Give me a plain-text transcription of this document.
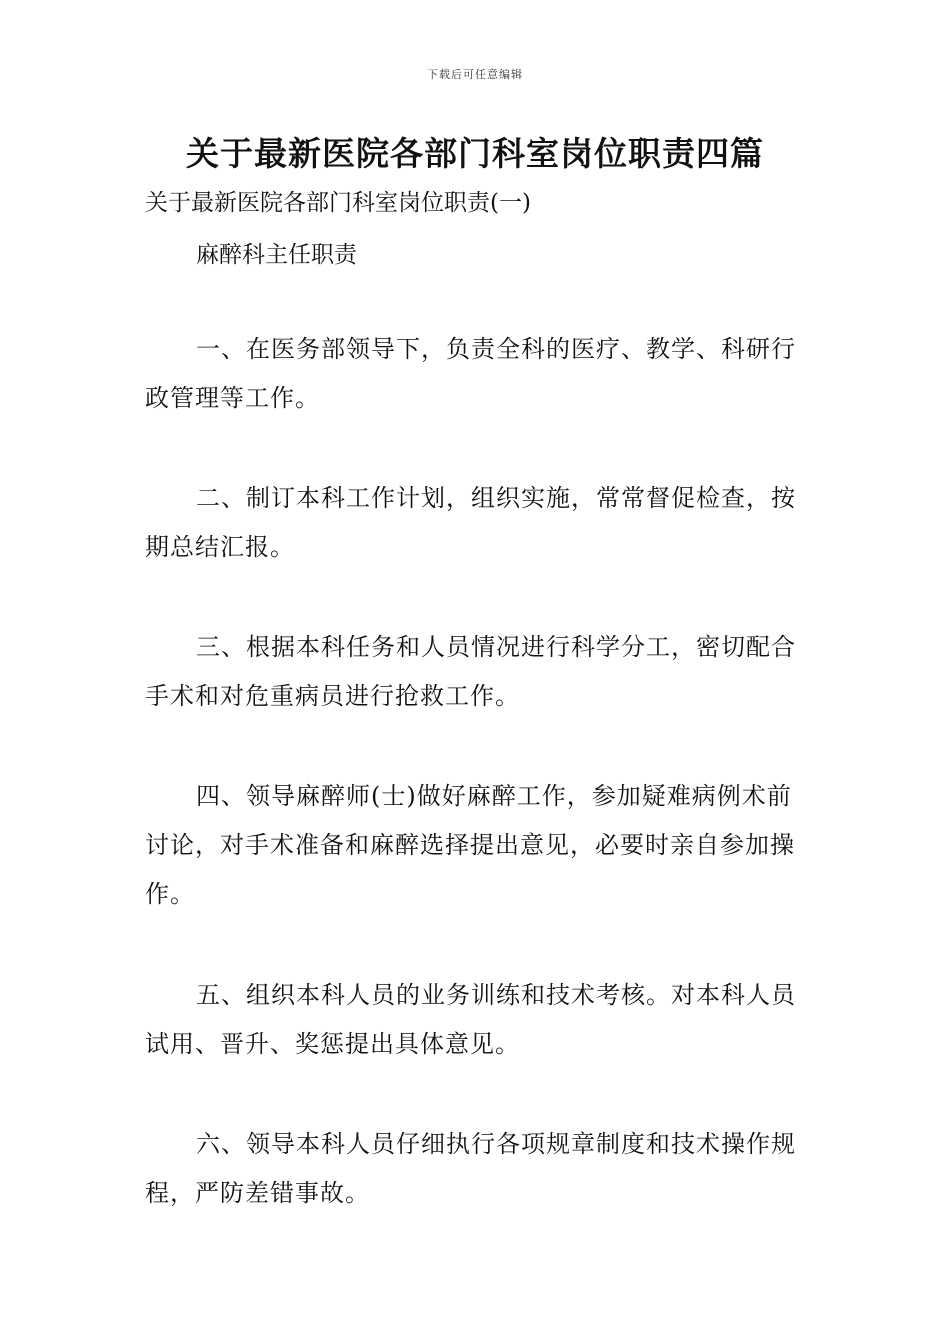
下载后可任意编辑
关于最新医院各部门科室岗位职责四篇
关于最新医院各部门科室岗位职责(一)
麻醉科主任职责

一、在医务部领导下，负责全科的医疗、教学、科研行政管理等工作。

二、制订本科工作计划，组织实施，常常督促检查，按期总结汇报。

三、根据本科任务和人员情况进行科学分工，密切配合手术和对危重病员进行抢救工作。

四、领导麻醉师(士)做好麻醉工作，参加疑难病例术前讨论，对手术准备和麻醉选择提出意见，必要时亲自参加操作。

五、组织本科人员的业务训练和技术考核。对本科人员试用、晋升、奖惩提出具体意见。

六、领导本科人员仔细执行各项规章制度和技术操作规程，严防差错事故。
